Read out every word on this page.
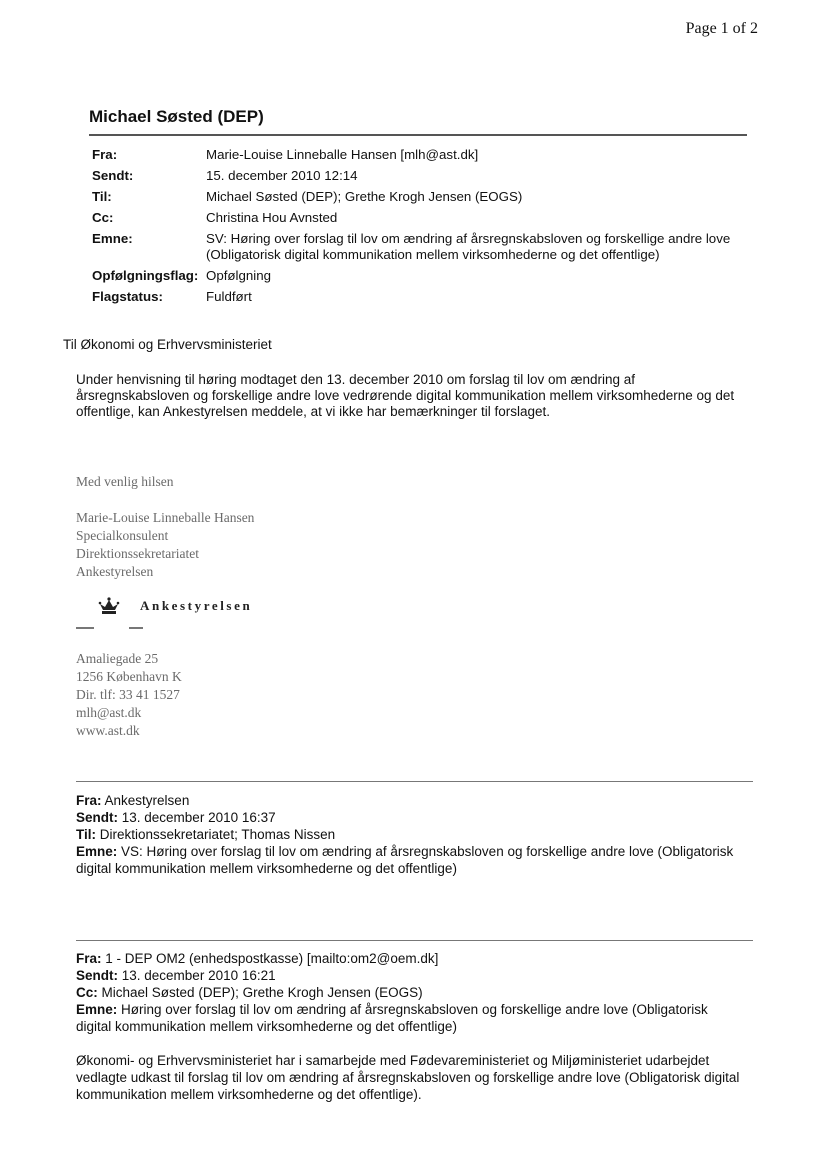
Page 1 of 2
Michael Søsted (DEP)
Fra:	Marie-Louise Linneballe Hansen [mlh@ast.dk]
Sendt:	15. december 2010 12:14
Til:	Michael Søsted (DEP); Grethe Krogh Jensen (EOGS)
Cc:	Christina Hou Avnsted
Emne:	SV: Høring over forslag til lov om ændring af årsregnskabsloven og forskellige andre love (Obligatorisk digital kommunikation mellem virksomhederne og det offentlige)
Opfølgningsflag: Opfølgning
Flagstatus:	Fuldført
Til Økonomi og Erhvervsministeriet
Under henvisning til høring modtaget den 13. december 2010 om forslag til lov om ændring af årsregnskabsloven og forskellige andre love vedrørende digital kommunikation mellem virksomhederne og det offentlige, kan Ankestyrelsen meddele, at vi ikke har bemærkninger til forslaget.
Med venlig hilsen
Marie-Louise Linneballe Hansen
Specialkonsulent
Direktionssekretariatet
Ankestyrelsen
Ankestyrelsen
Amaliegade 25
1256 København K
Dir. tlf: 33 41 1527
mlh@ast.dk
www.ast.dk
Fra: Ankestyrelsen
Sendt: 13. december 2010 16:37
Til: Direktionssekretariatet; Thomas Nissen
Emne: VS: Høring over forslag til lov om ændring af årsregnskabsloven og forskellige andre love (Obligatorisk digital kommunikation mellem virksomhederne og det offentlige)
Fra: 1 - DEP OM2 (enhedspostkasse) [mailto:om2@oem.dk]
Sendt: 13. december 2010 16:21
Cc: Michael Søsted (DEP); Grethe Krogh Jensen (EOGS)
Emne: Høring over forslag til lov om ændring af årsregnskabsloven og forskellige andre love (Obligatorisk digital kommunikation mellem virksomhederne og det offentlige)
Økonomi- og Erhvervsministeriet har i samarbejde med Fødevareministeriet og Miljøministeriet udarbejdet vedlagte udkast til forslag til lov om ændring af årsregnskabsloven og forskellige andre love (Obligatorisk digital kommunikation mellem virksomhederne og det offentlige).
